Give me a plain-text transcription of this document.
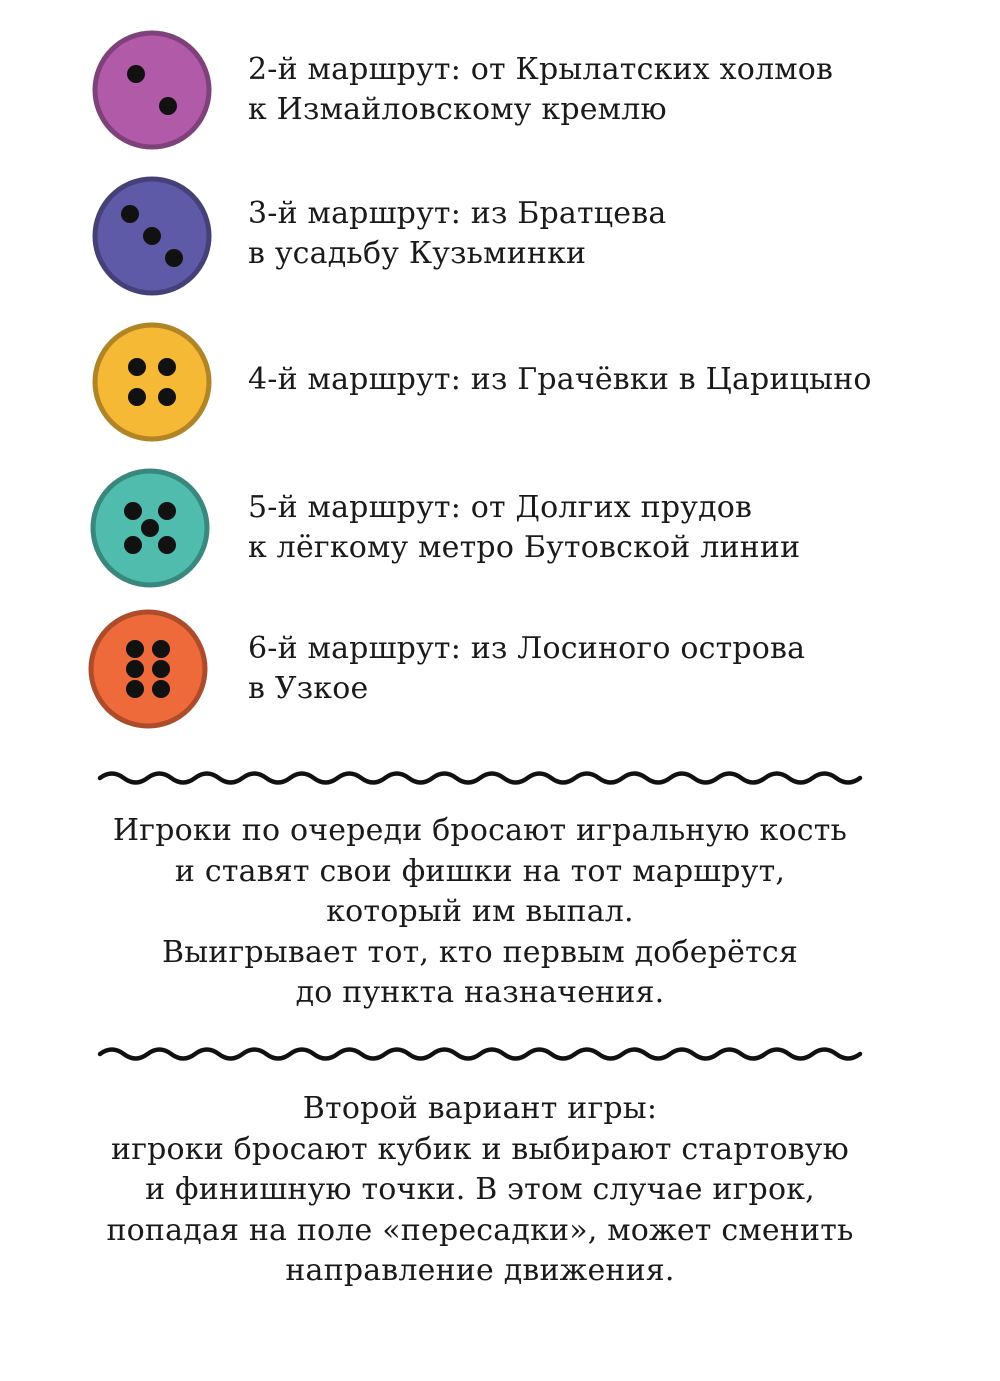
2-й маршрут: от Крылатских холмов
к Измайловскому кремлю
3-й маршрут: из Братцева
в усадьбу Кузьминки
4-й маршрут: из Грачёвки в Царицыно
5-й маршрут: от Долгих прудов
к лёгкому метро Бутовской линии
6-й маршрут: из Лосиного острова
в Узкое
Игроки по очереди бросают игральную кость
и ставят свои фишки на тот маршрут,
который им выпал.
Выигрывает тот, кто первым доберётся
до пункта назначения.
Второй вариант игры:
игроки бросают кубик и выбирают стартовую
и финишную точки. В этом случае игрок,
попадая на поле «пересадки», может сменить
направление движения.
